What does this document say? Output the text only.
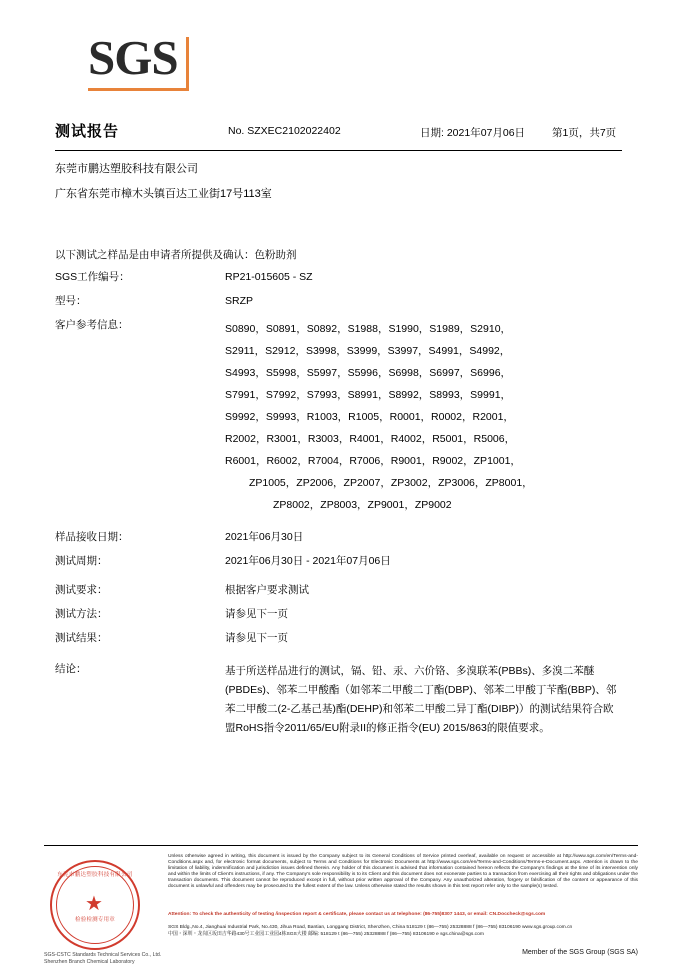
SGS
测试报告	No. SZXEC2102022402	日期: 2021年07月06日	第1页，共7页
东莞市鹏达塑胶科技有限公司
广东省东莞市樟木头镇百达工业街17号113室
以下测试之样品是由申请者所提供及确认：色粉助剂
SGS工作编号：	RP21-015605 - SZ
型号：	SRZP
客户参考信息：	S0890，S0891，S0892，S1988，S1990，S1989，S2910，
S2911，S2912，S3998，S3999，S3997，S4991，S4992，
S4993，S5998，S5997，S5996，S6998，S6997，S6996，
S7991，S7992，S7993，S8991，S8992，S8993，S9991，
S9992，S9993，R1003，R1005，R0001，R0002，R2001，
R2002，R3001，R3003，R4001，R4002，R5001，R5006，
R6001，R6002，R7004，R7006，R9001，R9002，ZP1001，
ZP1005，ZP2006，ZP2007，ZP3002，ZP3006，ZP8001，
ZP8002，ZP8003，ZP9001，ZP9002
样品接收日期：	2021年06月30日
测试周期：	2021年06月30日 - 2021年07月06日
测试要求：	根据客户要求测试
测试方法：	请参见下一页
测试结果：	请参见下一页
结论：	基于所送样品进行的测试，镉、铅、汞、六价铬、多溴联苯(PBBs)、多溴二苯醚(PBDEs)、邻苯二甲酸酯（如邻苯二甲酸二丁酯(DBP)、邻苯二甲酸丁苄酯(BBP)、邻苯二甲酸二(2-乙基己基)酯(DEHP)和邻苯二甲酸二异丁酯(DIBP)）的测试结果符合欧盟RoHS指令2011/65/EU附录II的修正指令(EU) 2015/863的限值要求。
东莞市鹏达塑胶科技有限公司
★
检验检测专用章
SGS-CSTC Standards Technical Services Co., Ltd.
Shenzhen Branch Chemical Laboratory
Unless otherwise agreed in writing, this document is issued by the Company subject to its General Conditions of Service printed overleaf, available on request or accessible at http://www.sgs.com/en/Terms-and-Conditions.aspx and, for electronic format documents, subject to Terms and Conditions for Electronic Documents at http://www.sgs.com/en/Terms-and-Conditions/Terms-e-Document.aspx. Attention is drawn to the limitation of liability, indemnification and jurisdiction issues defined therein. Any holder of this document is advised that information contained hereon reflects the Company's findings at the time of its intervention only and within the limits of Client's instructions, if any. The Company's sole responsibility is to its Client and this document does not exonerate parties to a transaction from exercising all their rights and obligations under the transaction documents. This document cannot be reproduced except in full, without prior written approval of the Company. Any unauthorized alteration, forgery or falsification of the content or appearance of this document is unlawful and offenders may be prosecuted to the fullest extent of the law. Unless otherwise stated the results shown in this test report refer only to the sample(s) tested.
Attention: To check the authenticity of testing /inspection report & certificate, please contact us at telephone: (86-755)8307 1443, or email: CN.Doccheck@sgs.com
SGS Bldg.,No.4, Jianghuai Industrial Park, No.430, Jihua Road, Bantian, Longgang District, Shenzhen, China 518129 t (86—755) 25328888 f (86—755) 83106190 www.sgs.group.com.cn
中国・深圳・龙岗区坂田吉华路430号工业园工业园4栋SGS大楼 邮编: 518129 t (86—755) 25328888 f (86—755) 83106190 e sgs.china@sgs.com
Member of the SGS Group (SGS SA)
